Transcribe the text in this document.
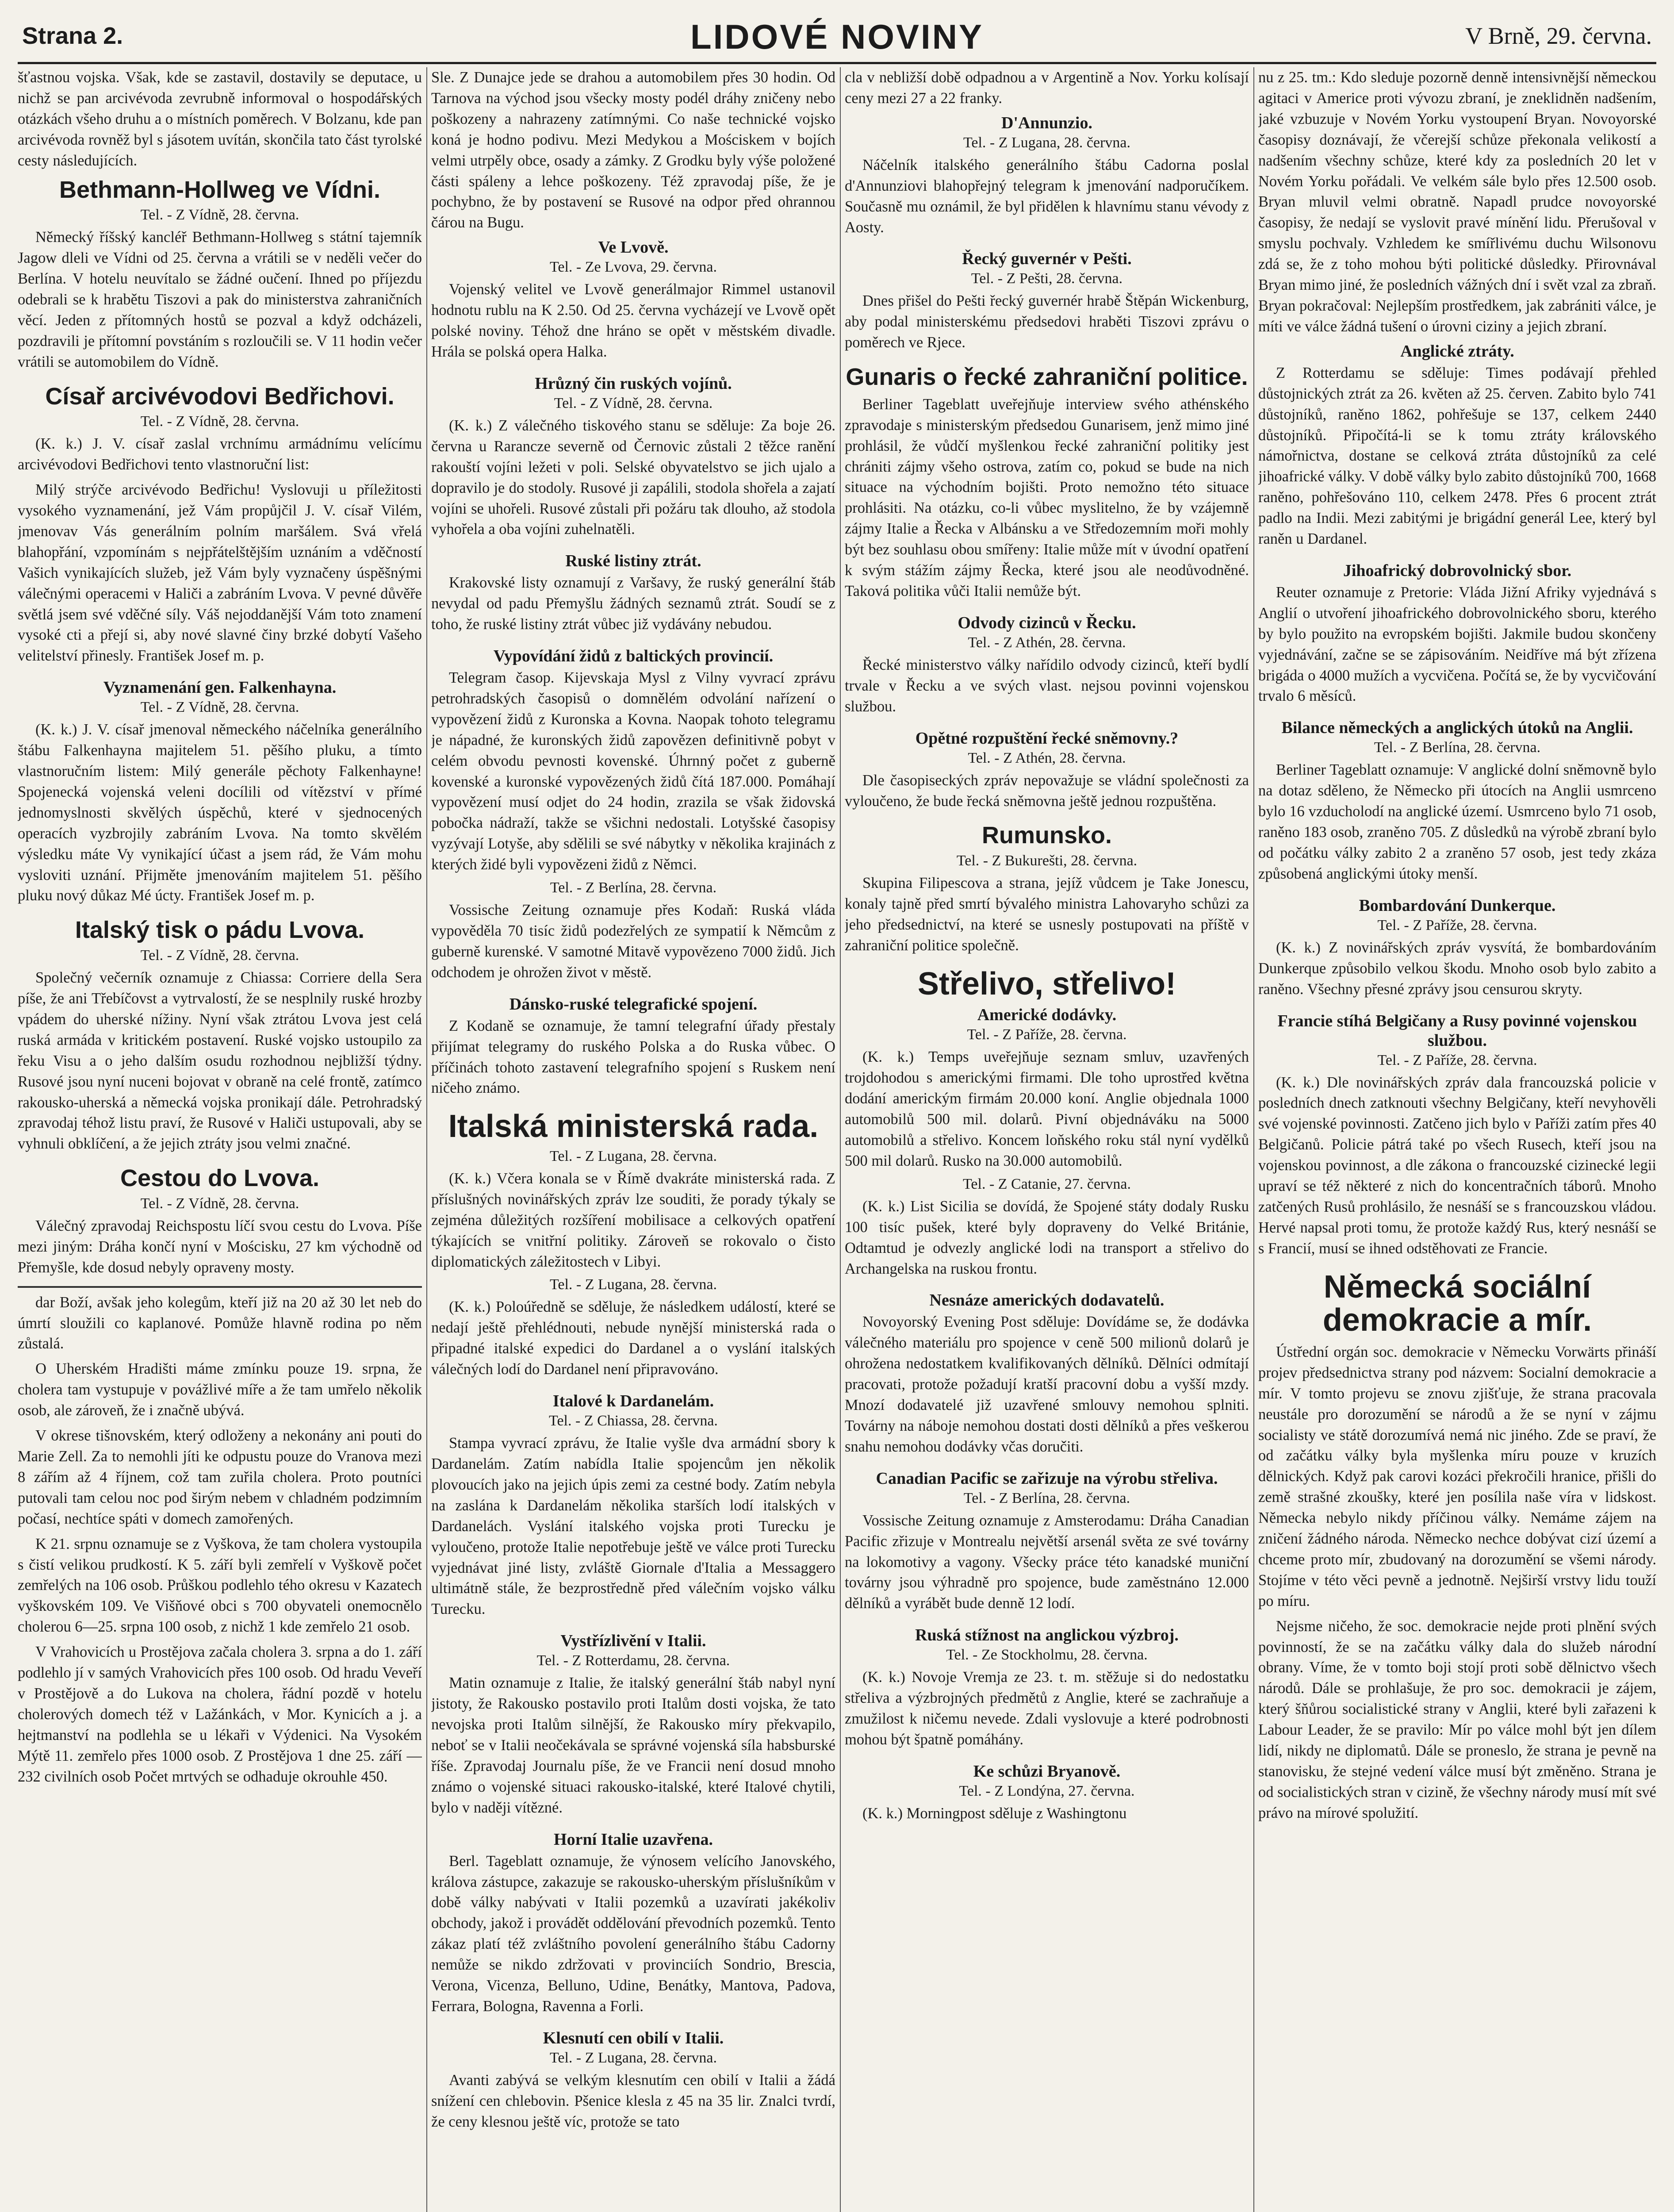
Strana 2.	LIDOVÉ NOVINY	V Brně, 29. června.

šťastnou vojska. Však, kde se zastavil, dostavily se deputace, u nichž se pan arcivévoda zevrubně informoval o hospodářských otázkách všeho druhu a o místních poměrech. V Bolzanu, kde pan arcivévoda rovněž byl s jásotem uvítán, skončila tato část tyrolské cesty následujících.

Bethmann-Hollweg ve Vídni.
Tel. - Z Vídně, 28. června.

Německý říšský kancléř Bethmann-Hollweg s státní tajemník Jagow dleli ve Vídni od 25. června a vrátili se v neděli večer do Berlína. V hotelu neuvítalo se žádné oučení. Ihned po příjezdu odebrali se k hrabětu Tiszovi a pak do ministerstva zahraničních věcí. Jeden z přítomných hostů se pozval a když odcházeli, pozdravili je přítomní povstáním s rozloučili se. V 11 hodin večer vrátili se automobilem do Vídně.

Císař arcivévodovi Bedřichovi.
Tel. - Z Vídně, 28. června.

(K. k.) J. V. císař zaslal vrchnímu armádnímu velícímu arcivévodovi Bedřichovi tento vlastnoruční list:

Milý strýče arcivévodo Bedřichu! Vyslovuji u příležitosti vysokého vyznamenání, jež Vám propůjčil J. V. císař Vilém, jmenovav Vás generálním polním maršálem. Svá vřelá blahopřání, vzpomínám s nejpřátelštějším uznáním a vděčností Vašich vynikajících služeb, jež Vám byly vyznačeny úspěšnými válečnými operacemi v Haliči a zabráním Lvova. V pevné důvěře světlá jsem své vděčné síly. Váš nejoddanější Vám toto znamení vysoké cti a přejí si, aby nové slavné činy brzké dobytí Vašeho velitelství přinesly. František Josef m. p.

Vyznamenání gen. Falkenhayna.
Tel. - Z Vídně, 28. června.

(K. k.) J. V. císař jmenoval německého náčelníka generálního štábu Falkenhayna majitelem 51. pěšího pluku, a tímto vlastnoručním listem: Milý generále pěchoty Falkenhayne! Spojenecká vojenská veleni docílili od vítězství v přímé jednomyslnosti skvělých úspěchů, které v sjednocených operacích vyzbrojily zabráním Lvova. Na tomto skvělém výsledku máte Vy vynikající účast a jsem rád, že Vám mohu vysloviti uznání. Přijměte jmenováním majitelem 51. pěšího pluku nový důkaz Mé úcty. František Josef m. p.

Italský tisk o pádu Lvova.
Tel. - Z Vídně, 28. června.

Společný večerník oznamuje z Chiassa: Corriere della Sera píše, že ani Třebíčovst a vytrvalostí, že se nesplnily ruské hrozby vpádem do uherské nížiny. Nyní však ztrátou Lvova jest celá ruská armáda v kritickém postavení. Ruské vojsko ustoupilo za řeku Visu a o jeho dalším osudu rozhodnou nejbližší týdny. Rusové jsou nyní nuceni bojovat v obraně na celé frontě, zatímco rakousko-uherská a německá vojska pronikají dále. Petrohradský zpravodaj téhož listu praví, že Rusové v Haliči ustupovali, aby se vyhnuli obklíčení, a že jejich ztráty jsou velmi značné.

Cestou do Lvova.
Tel. - Z Vídně, 28. června.

Válečný zpravodaj Reichspostu líčí svou cestu do Lvova. Píše mezi jiným: Dráha končí nyní v Mościsku, 27 km východně od Přemyšle, kde dosud nebyly opraveny mosty.

dar Boží, avšak jeho kolegům, kteří již na 20 až 30 let neb do úmrtí sloužili co kaplanové. Pomůže hlavně rodina po něm zůstalá.

O Uherském Hradišti máme zmínku pouze 19. srpna, že cholera tam vystupuje v povážlivé míře a že tam umřelo několik osob, ale zároveň, že i značně ubývá.

V okrese tišnovském, který odloženy a nekonány ani pouti do Marie Zell. Za to nemohli jíti ke odpustu pouze do Vranova mezi 8 zářím až 4 říjnem, což tam zuřila cholera. Proto poutníci putovali tam celou noc pod širým nebem v chladném podzimním počasí, nechtíce spáti v domech zamořených.

K 21. srpnu oznamuje se z Vyškova, že tam cholera vystoupila s čistí velikou prudkostí. K 5. září byli zemřelí v Vyškově počet zemřelých na 106 osob. Průškou podlehlo tého okresu v Kazatech vyškovském 109. Ve Višňové obci s 700 obyvateli onemocnělo cholerou 6—25. srpna 100 osob, z nichž 1 kde zemřelo 21 osob.

V Vrahovicích u Prostějova začala cholera 3. srpna a do 1. září podlehlo jí v samých Vrahovicích přes 100 osob. Od hradu Veveří v Prostějově a do Lukova na cholera, řádní pozdě v hotelu cholerových domech též v Lažánkách, v Mor. Kynicích a j. a hejtmanství na podlehla se u lékaři v Výdenici. Na Vysokém Mýtě 11. zemřelo přes 1000 osob. Z Prostějova 1 dne 25. září — 232 civilních osob Počet mrtvých se odhaduje okrouhle 450.

Sle. Z Dunajce jede se drahou a automobilem přes 30 hodin. Od Tarnova na východ jsou všecky mosty podél dráhy zničeny nebo poškozeny a nahrazeny zatímnými. Co naše technické vojsko koná je hodno podivu. Mezi Medykou a Mościskem v bojích velmi utrpěly obce, osady a zámky. Z Grodku byly výše položené části spáleny a lehce poškozeny. Též zpravodaj píše, že je pochybno, že by postavení se Rusové na odpor před ohrannou čárou na Bugu.

Ve Lvově.
Tel. - Ze Lvova, 29. června.

Vojenský velitel ve Lvově generálmajor Rimmel ustanovil hodnotu rublu na K 2.50. Od 25. června vycházejí ve Lvově opět polské noviny. Téhož dne hráno se opět v městském divadle. Hrála se polská opera Halka.

Hrůzný čin ruských vojínů.
Tel. - Z Vídně, 28. června.

(K. k.) Z válečného tiskového stanu se sděluje: Za boje 26. června u Rarancze severně od Černovic zůstali 2 těžce ranění rakouští vojíni ležeti v poli. Selské obyvatelstvo se jich ujalo a dopravilo je do stodoly. Rusové ji zapálili, stodola shořela a zajatí vojíni se uhořeli. Rusové zůstali při požáru tak dlouho, až stodola vyhořela a oba vojíni zuhelnatěli.

Ruské listiny ztrát.

Krakovské listy oznamují z Varšavy, že ruský generální štáb nevydal od padu Přemyšlu žádných seznamů ztrát. Soudí se z toho, že ruské listiny ztrát vůbec již vydávány nebudou.

Vypovídání židů z baltických provincií.

Telegram časop. Kijevskaja Mysl z Vilny vyvrací zprávu petrohradských časopisů o domnělém odvolání nařízení o vypovězení židů z Kuronska a Kovna. Naopak tohoto telegramu je nápadné, že kuronských židů zapovězen definitivně pobyt v celém obvodu pevnosti kovenské. Úhrnný počet z guberně kovenské a kuronské vypovězených židů čítá 187.000. Pomáhají vypovězení musí odjet do 24 hodin, zrazila se však židovská pobočka nádraží, takže se všichni nedostali. Lotyšské časopisy vyzývají Lotyše, aby sdělili se své nábytky v několika krajinách z kterých židé byli vypovězeni židů z Němci.

Tel. - Z Berlína, 28. června.

Vossische Zeitung oznamuje přes Kodaň: Ruská vláda vypověděla 70 tisíc židů podezřelých ze sympatií k Němcům z guberně kurenské. V samotné Mitavě vypovězeno 7000 židů. Jich odchodem je ohrožen život v městě.

Dánsko-ruské telegrafické spojení.

Z Kodaně se oznamuje, že tamní telegrafní úřady přestaly přijímat telegramy do ruského Polska a do Ruska vůbec. O příčinách tohoto zastavení telegrafního spojení s Ruskem není ničeho známo.

Italská ministerská rada.
Tel. - Z Lugana, 28. června.

(K. k.) Včera konala se v Římě dvakráte ministerská rada. Z příslušných novinářských zpráv lze souditi, že porady týkaly se zejména důležitých rozšíření mobilisace a celkových opatření týkajících se vnitřní politiky. Zároveň se rokovalo o čisto diplomatických záležitostech v Libyi.

Tel. - Z Lugana, 28. června.

(K. k.) Poloúředně se sděluje, že následkem událostí, které se nedají ještě přehlédnouti, nebude nynější ministerská rada o připadné italské expedici do Dardanel a o vyslání italských válečných lodí do Dardanel není připravováno.

Italové k Dardanelám.
Tel. - Z Chiassa, 28. června.

Stampa vyvrací zprávu, že Italie vyšle dva armádní sbory k Dardanelám. Zatím nabídla Italie spojencům jen několik plovoucích jako na jejich úpis zemi za cestné body. Zatím nebyla na zaslána k Dardanelám několika starších lodí italských v Dardanelách. Vyslání italského vojska proti Turecku je vyloučeno, protože Italie nepotřebuje ještě ve válce proti Turecku vyjednávat jiné listy, zvláště Giornale d'Italia a Messaggero ultimátně stále, že bezprostředně před válečním vojsko válku Turecku.

Vystřízlivění v Italii.
Tel. - Z Rotterdamu, 28. června.

Matin oznamuje z Italie, že italský generální štáb nabyl nyní jistoty, že Rakousko postavilo proti Italům dosti vojska, že tato nevojska proti Italům silnější, že Rakousko míry překvapilo, neboť se v Italii neočekávala se správné vojenská síla habsburské říše. Zpravodaj Journalu píše, že ve Francii není dosud mnoho známo o vojenské situaci rakousko-italské, které Italové chytili, bylo v naději vítězné.

Horní Italie uzavřena.

Berl. Tageblatt oznamuje, že výnosem velícího Janovského, králova zástupce, zakazuje se rakousko-uherským příslušníkům v době války nabývati v Italii pozemků a uzavírati jakékoliv obchody, jakož i provádět oddělování převodních pozemků. Tento zákaz platí též zvláštního povolení generálního štábu Cadorny nemůže se nikdo zdržovati v provinciích Sondrio, Brescia, Verona, Vicenza, Belluno, Udine, Benátky, Mantova, Padova, Ferrara, Bologna, Ravenna a Forli.

Klesnutí cen obilí v Italii.
Tel. - Z Lugana, 28. června.

Avanti zabývá se velkým klesnutím cen obilí v Italii a žádá snížení cen chlebovin. Pšenice klesla z 45 na 35 lir. Znalci tvrdí, že ceny klesnou ještě víc, protože se tato

cla v nebližší době odpadnou a v Argentině a Nov. Yorku kolísají ceny mezi 27 a 22 franky.

D'Annunzio.
Tel. - Z Lugana, 28. června.

Náčelník italského generálního štábu Cadorna poslal d'Annunziovi blahopřejný telegram k jmenování nadporučíkem. Současně mu oznámil, že byl přidělen k hlavnímu stanu vévody z Aosty.

Řecký guvernér v Pešti.
Tel. - Z Pešti, 28. června.

Dnes přišel do Pešti řecký guvernér hrabě Štěpán Wickenburg, aby podal ministerskému předsedovi hraběti Tiszovi zprávu o poměrech ve Rjece.

Gunaris o řecké zahraniční politice.

Berliner Tageblatt uveřejňuje interview svého athénského zpravodaje s ministerským předsedou Gunarisem, jenž mimo jiné prohlásil, že vůdčí myšlenkou řecké zahraniční politiky jest chrániti zájmy všeho ostrova, zatím co, pokud se bude na nich situace na východním bojišti. Proto nemožno této situace prohlásiti. Na otázku, co-li vůbec myslitelno, že by vzájemně zájmy Italie a Řecka v Albánsku a ve Středozemním moři mohly být bez souhlasu obou smířeny: Italie může mít v úvodní opatření k svým stážím zájmy Řecka, které jsou ale neodůvodněné. Taková politika vůči Italii nemůže být.

Odvody cizinců v Řecku.
Tel. - Z Athén, 28. června.

Řecké ministerstvo války nařídilo odvody cizinců, kteří bydlí trvale v Řecku a ve svých vlast. nejsou povinni vojenskou službou.

Opětné rozpuštění řecké sněmovny.?
Tel. - Z Athén, 28. června.

Dle časopiseckých zpráv nepovažuje se vládní společnosti za vyloučeno, že bude řecká sněmovna ještě jednou rozpuštěna.

Rumunsko.
Tel. - Z Bukurešti, 28. června.

Skupina Filipescova a strana, jejíž vůdcem je Take Jonescu, konaly tajně před smrtí bývalého ministra Lahovaryho schůzi za jeho předsednictví, na které se usnesly postupovati na příště v zahraniční politice společně.

Střelivo, střelivo!
Americké dodávky.
Tel. - Z Paříže, 28. června.

(K. k.) Temps uveřejňuje seznam smluv, uzavřených trojdohodou s americkými firmami. Dle toho uprostřed května dodání americkým firmám 20.000 koní. Anglie objednala 1000 automobilů 500 mil. dolarů. Pivní objednáváku na 5000 automobilů a střelivo. Koncem loňského roku stál nyní vydělků 500 mil dolarů. Rusko na 30.000 automobilů.

Tel. - Z Catanie, 27. června.

(K. k.) List Sicilia se dovídá, že Spojené státy dodaly Rusku 100 tisíc pušek, které byly dopraveny do Velké Británie, Odtamtud je odvezly anglické lodi na transport a střelivo do Archangelska na ruskou frontu.

Nesnáze amerických dodavatelů.

Novoyorský Evening Post sděluje: Dovídáme se, že dodávka válečného materiálu pro spojence v ceně 500 milionů dolarů je ohrožena nedostatkem kvalifikovaných dělníků. Dělníci odmítají pracovati, protože požadují kratší pracovní dobu a vyšší mzdy. Mnozí dodavatelé již uzavřené smlouvy nemohou splniti. Továrny na náboje nemohou dostati dosti dělníků a přes veškerou snahu nemohou dodávky včas doručiti.

Canadian Pacific se zařizuje na výrobu střeliva.
Tel. - Z Berlína, 28. června.

Vossische Zeitung oznamuje z Amsterodamu: Dráha Canadian Pacific zřizuje v Montrealu největší arsenál světa ze své továrny na lokomotivy a vagony. Všecky práce této kanadské muniční továrny jsou výhradně pro spojence, bude zaměstnáno 12.000 dělníků a vyrábět bude denně 12 lodí.

Ruská stížnost na anglickou výzbroj.
Tel. - Ze Stockholmu, 28. června.

(K. k.) Novoje Vremja ze 23. t. m. stěžuje si do nedostatku střeliva a výzbrojných předmětů z Anglie, které se zachraňuje a zmužilost k ničemu nevede. Zdali vyslovuje a které podrobnosti mohou být špatně pomáhány.

Ke schůzi Bryanově.
Tel. - Z Londýna, 27. června.

(K. k.) Morningpost sděluje z Washingtonu

nu z 25. tm.: Kdo sleduje pozorně denně intensivnější německou agitaci v Americe proti vývozu zbraní, je zneklidněn nadšením, jaké vzbuzuje v Novém Yorku vystoupení Bryan. Novoyorské časopisy doznávají, že včerejší schůze překonala velikostí a nadšením všechny schůze, které kdy za posledních 20 let v Novém Yorku pořádali. Ve velkém sále bylo přes 12.500 osob. Bryan mluvil velmi obratně. Napadl prudce novoyorské časopisy, že nedají se vyslovit pravé mínění lidu. Přerušoval v smyslu pochvaly. Vzhledem ke smířlivému duchu Wilsonovu zdá se, že z toho mohou býti politické důsledky. Přirovnával Bryan mimo jiné, že posledních vážných dní i svět vzal za zbraň. Bryan pokračoval: Nejlepším prostředkem, jak zabrániti válce, je míti ve válce žádná tušení o úrovni ciziny a jejich zbraní.

Anglické ztráty.

Z Rotterdamu se sděluje: Times podávají přehled důstojnických ztrát za 26. květen až 25. červen. Zabito bylo 741 důstojníků, raněno 1862, pohřešuje se 137, celkem 2440 důstojníků. Připočítá-li se k tomu ztráty královského námořnictva, dostane se celková ztráta důstojníků za celé jihoafrické války. V době války bylo zabito důstojníků 700, 1668 raněno, pohřešováno 110, celkem 2478. Přes 6 procent ztrát padlo na Indii. Mezi zabitými je brigádní generál Lee, který byl raněn u Dardanel.

Jihoafrický dobrovolnický sbor.

Reuter oznamuje z Pretorie: Vláda Jižní Afriky vyjednává s Anglií o utvoření jihoafrického dobrovolnického sboru, kterého by bylo použito na evropském bojišti. Jakmile budou skončeny vyjednávání, začne se se zápisováním. Neidříve má být zřízena brigáda o 4000 mužích a vycvičena. Počítá se, že by vycvičování trvalo 6 měsíců.

Bilance německých a anglických útoků na Anglii.
Tel. - Z Berlína, 28. června.

Berliner Tageblatt oznamuje: V anglické dolní sněmovně bylo na dotaz sděleno, že Německo při útocích na Anglii usmrceno bylo 16 vzducholodí na anglické území. Usmrceno bylo 71 osob, raněno 183 osob, zraněno 705. Z důsledků na výrobě zbraní bylo od počátku války zabito 2 a zraněno 57 osob, jest tedy zkáza způsobená anglickými útoky menší.

Bombardování Dunkerque.
Tel. - Z Paříže, 28. června.

(K. k.) Z novinářských zpráv vysvítá, že bombardováním Dunkerque způsobilo velkou škodu. Mnoho osob bylo zabito a raněno. Všechny přesné zprávy jsou censurou skryty.

Francie stíhá Belgičany a Rusy povinné vojenskou službou.
Tel. - Z Paříže, 28. června.

(K. k.) Dle novinářských zpráv dala francouzská policie v posledních dnech zatknouti všechny Belgičany, kteří nevyhověli své vojenské povinnosti. Zatčeno jich bylo v Paříži zatím přes 40 Belgičanů. Policie pátrá také po všech Rusech, kteří jsou na vojenskou povinnost, a dle zákona o francouzské cizinecké legii upraví se též některé z nich do koncentračních táborů. Mnoho zatčených Rusů prohlásilo, že nesnáší se s francouzskou vládou. Hervé napsal proti tomu, že protože každý Rus, který nesnáší se s Francií, musí se ihned odstěhovati ze Francie.

Německá sociální demokracie a mír.

Ústřední orgán soc. demokracie v Německu Vorwärts přináší projev předsednictva strany pod názvem: Socialní demokracie a mír. V tomto projevu se znovu zjišťuje, že strana pracovala neustále pro dorozumění se národů a že se nyní v zájmu socialisty ve státě dorozumívá nemá nic jiného. Zde se praví, že od začátku války byla myšlenka míru pouze v kruzích dělnických. Když pak carovi kozáci překročili hranice, přišli do země strašné zkoušky, které jen posílila naše víra v lidskost. Německa nebylo nikdy příčinou války. Nemáme zájem na zničení žádného národa. Německo nechce dobývat cizí území a chceme proto mír, zbudovaný na dorozumění se všemi národy. Stojíme v této věci pevně a jednotně. Nejširší vrstvy lidu touží po míru.

Nejsme ničeho, že soc. demokracie nejde proti plnění svých povinností, že se na začátku války dala do služeb národní obrany. Víme, že v tomto boji stojí proti sobě dělnictvo všech národů. Dále se prohlašuje, že pro soc. demokracii je zájem, který šňůrou socialistické strany v Anglii, které byli zařazeni k Labour Leader, že se pravilo: Mír po válce mohl být jen dílem lidí, nikdy ne diplomatů. Dále se proneslo, že strana je pevně na stanovisku, že stejné vedení válce musí být změněno. Strana je od socialistických stran v cizině, že všechny národy musí mít své právo na mírové spolužití.
